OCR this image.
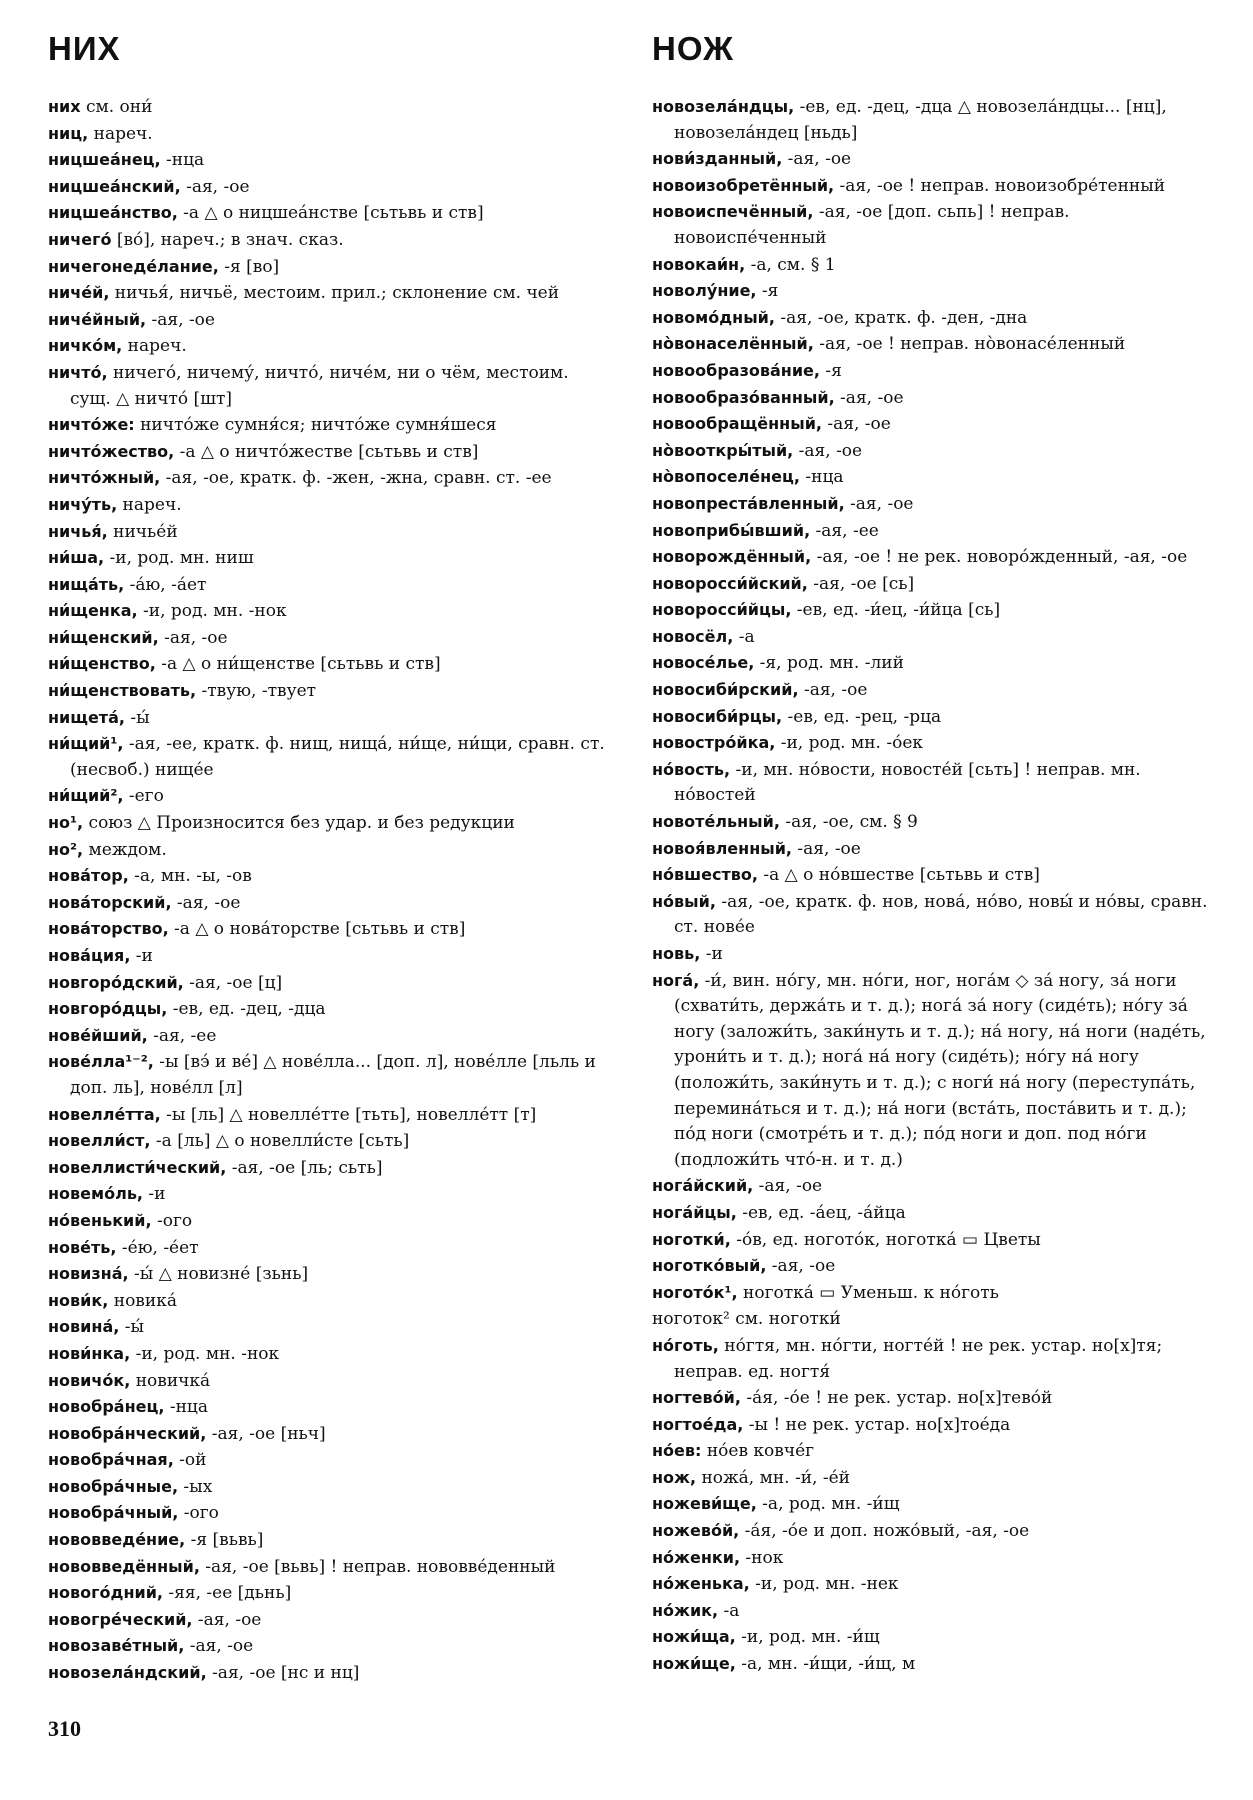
НИХ	НОЖ

них см. они́

ниц, нареч.

ницшеа́нец, -нца

ницшеа́нский, -ая, -ое

ницшеа́нство, -а △ о ницшеа́нстве [cьтьвь и ств]

ничего́ [во́], нареч.; в знач. сказ.

ничегонеде́лание, -я [во]

ниче́й, ничья́, ничьё, местоим. прил.; склонение см. чей

ниче́йный, -ая, -ое

ничко́м, нареч.

ничто́, ничего́, ничему́, ничто́, ниче́м, ни о чём, местоим. сущ. △ ничто́ [шт]

ничто́же: ничто́же сумня́ся; ничто́же сумня́шеся

ничто́жество, -а △ о ничто́жестве [cьтьвь и ств]

ничто́жный, -ая, -ое, кратк. ф. -жен, -жна, сравн. ст. -ее

ничу́ть, нареч.

ничья́, ничье́й

ни́ша, -и, род. мн. ниш

нища́ть, -а́ю, -а́ет

ни́щенка, -и, род. мн. -нок

ни́щенский, -ая, -ое

ни́щенство, -а △ о ни́щенстве [cьтьвь и ств]

ни́щенствовать, -твую, -твует

нищета́, -ы́

ни́щий¹, -ая, -ее, кратк. ф. нищ, нища́, ни́ще, ни́щи, сравн. ст. (несвоб.) нище́е

ни́щий², -его

но¹, союз △ Произносится без удар. и без редукции

но², междом.

нова́тор, -а, мн. -ы, -ов

нова́торский, -ая, -ое

нова́торство, -а △ о нова́торстве [cьтьвь и ств]

нова́ция, -и

новгоро́дский, -ая, -ое [ц]

новгоро́дцы, -ев, ед. -дец, -дца

нове́йший, -ая, -ее

нове́лла¹⁻², -ы [вэ́ и ве́] △ нове́лла... [доп. л], нове́лле [льль и доп. ль], нове́лл [л]

новелле́тта, -ы [ль] △ новелле́тте [тьть], новелле́тт [т]

новелли́ст, -а [ль] △ о новелли́сте [cьть]

новеллисти́ческий, -ая, -ое [ль; cьть]

новемо́ль, -и

но́венький, -ого

нове́ть, -е́ю, -е́ет

новизна́, -ы́ △ новизне́ [зьнь]

нови́к, новика́

новина́, -ы́

нови́нка, -и, род. мн. -нок

новичо́к, новичка́

новобра́нец, -нца

новобра́нческий, -ая, -ое [ньч]

новобра́чная, -ой

новобра́чные, -ых

новобра́чный, -ого

нововведе́ние, -я [вьвь]

нововведённый, -ая, -ое [вьвь] ! неправ. нововве́денный

новогóдний, -яя, -ее [дьнь]

новогре́ческий, -ая, -ое

новозаве́тный, -ая, -ое

новозела́ндский, -ая, -ое [нс и нц]

новозела́ндцы, -ев, ед. -дец, -дца △ новозела́ндцы... [нц], новозела́ндец [ньдь]

нови́зданный, -ая, -ое

новоизобретённый, -ая, -ое ! неправ. новоизобре́тенный

новоиспечённый, -ая, -ое [доп. cьпь] ! неправ. новоиспе́ченный

новокаи́н, -а, см. § 1

новолу́ние, -я

новомо́дный, -ая, -ое, кратк. ф. -ден, -дна

но̀вонаселённый, -ая, -ое ! неправ. но̀вонасе́ленный

новообразова́ние, -я

новообразо́ванный, -ая, -ое

новообращённый, -ая, -ое

но̀вооткры́тый, -ая, -ое

но̀вопоселе́нец, -нца

новопреста́вленный, -ая, -ое

новоприбы́вший, -ая, -ее

новорождённый, -ая, -ое ! не рек. новоро́жденный, -ая, -ое

новоросси́йский, -ая, -ое [сь]

новоросси́йцы, -ев, ед. -и́ец, -и́йца [сь]

новосёл, -а

новосе́лье, -я, род. мн. -лий

новосиби́рский, -ая, -ое

новосиби́рцы, -ев, ед. -рец, -рца

новостро́йка, -и, род. мн. -о́ек

но́вость, -и, мн. но́вости, новосте́й [cьть] ! неправ. мн. но́востей

новоте́льный, -ая, -ое, см. § 9

новоя́вленный, -ая, -ое

но́вшество, -а △ о но́вшестве [cьтьвь и ств]

но́вый, -ая, -ое, кратк. ф. нов, нова́, но́во, новы́ и но́вы, сравн. ст. нове́е

новь, -и

нога́, -и́, вин. но́гу, мн. но́ги, ног, нога́м ◇ за́ ногу, за́ ноги (схвати́ть, держа́ть и т. д.); нога́ за́ ногу (сиде́ть); но́гу за́ ногу (заложи́ть, заки́нуть и т. д.); на́ ногу, на́ ноги (наде́ть, урони́ть и т. д.); нога́ на́ ногу (сиде́ть); но́гу на́ ногу (положи́ть, заки́нуть и т. д.); с ноги́ на́ ногу (переступа́ть, перемина́ться и т. д.); на́ ноги (вста́ть, поста́вить и т. д.); по́д ноги (смотре́ть и т. д.); по́д ноги и доп. под но́ги (подложи́ть что́-н. и т. д.)

нога́йский, -ая, -ое

нога́йцы, -ев, ед. -а́ец, -а́йца

ноготки́, -о́в, ед. ногото́к, ноготка́ ▭ Цветы

ноготко́вый, -ая, -ое

ногото́к¹, ноготка́ ▭ Уменьш. к но́готь

ноготок² см. ноготки́

но́готь, но́гтя, мн. но́гти, ногте́й ! не рек. устар. но[х]тя; неправ. ед. ногтя́

ногтево́й, -а́я, -о́е ! не рек. устар. но[х]тево́й

ногтое́да, -ы ! не рек. устар. но[х]тое́да

но́ев: но́ев ковче́г

нож, ножа́, мн. -и́, -е́й

ножеви́ще, -а, род. мн. -и́щ

ножево́й, -а́я, -о́е и доп. ножо́вый, -ая, -ое

но́женки, -нок

но́женька, -и, род. мн. -нек

но́жик, -а

ножи́ща, -и, род. мн. -и́щ

ножи́ще, -а, мн. -и́щи, -и́щ, м

310
